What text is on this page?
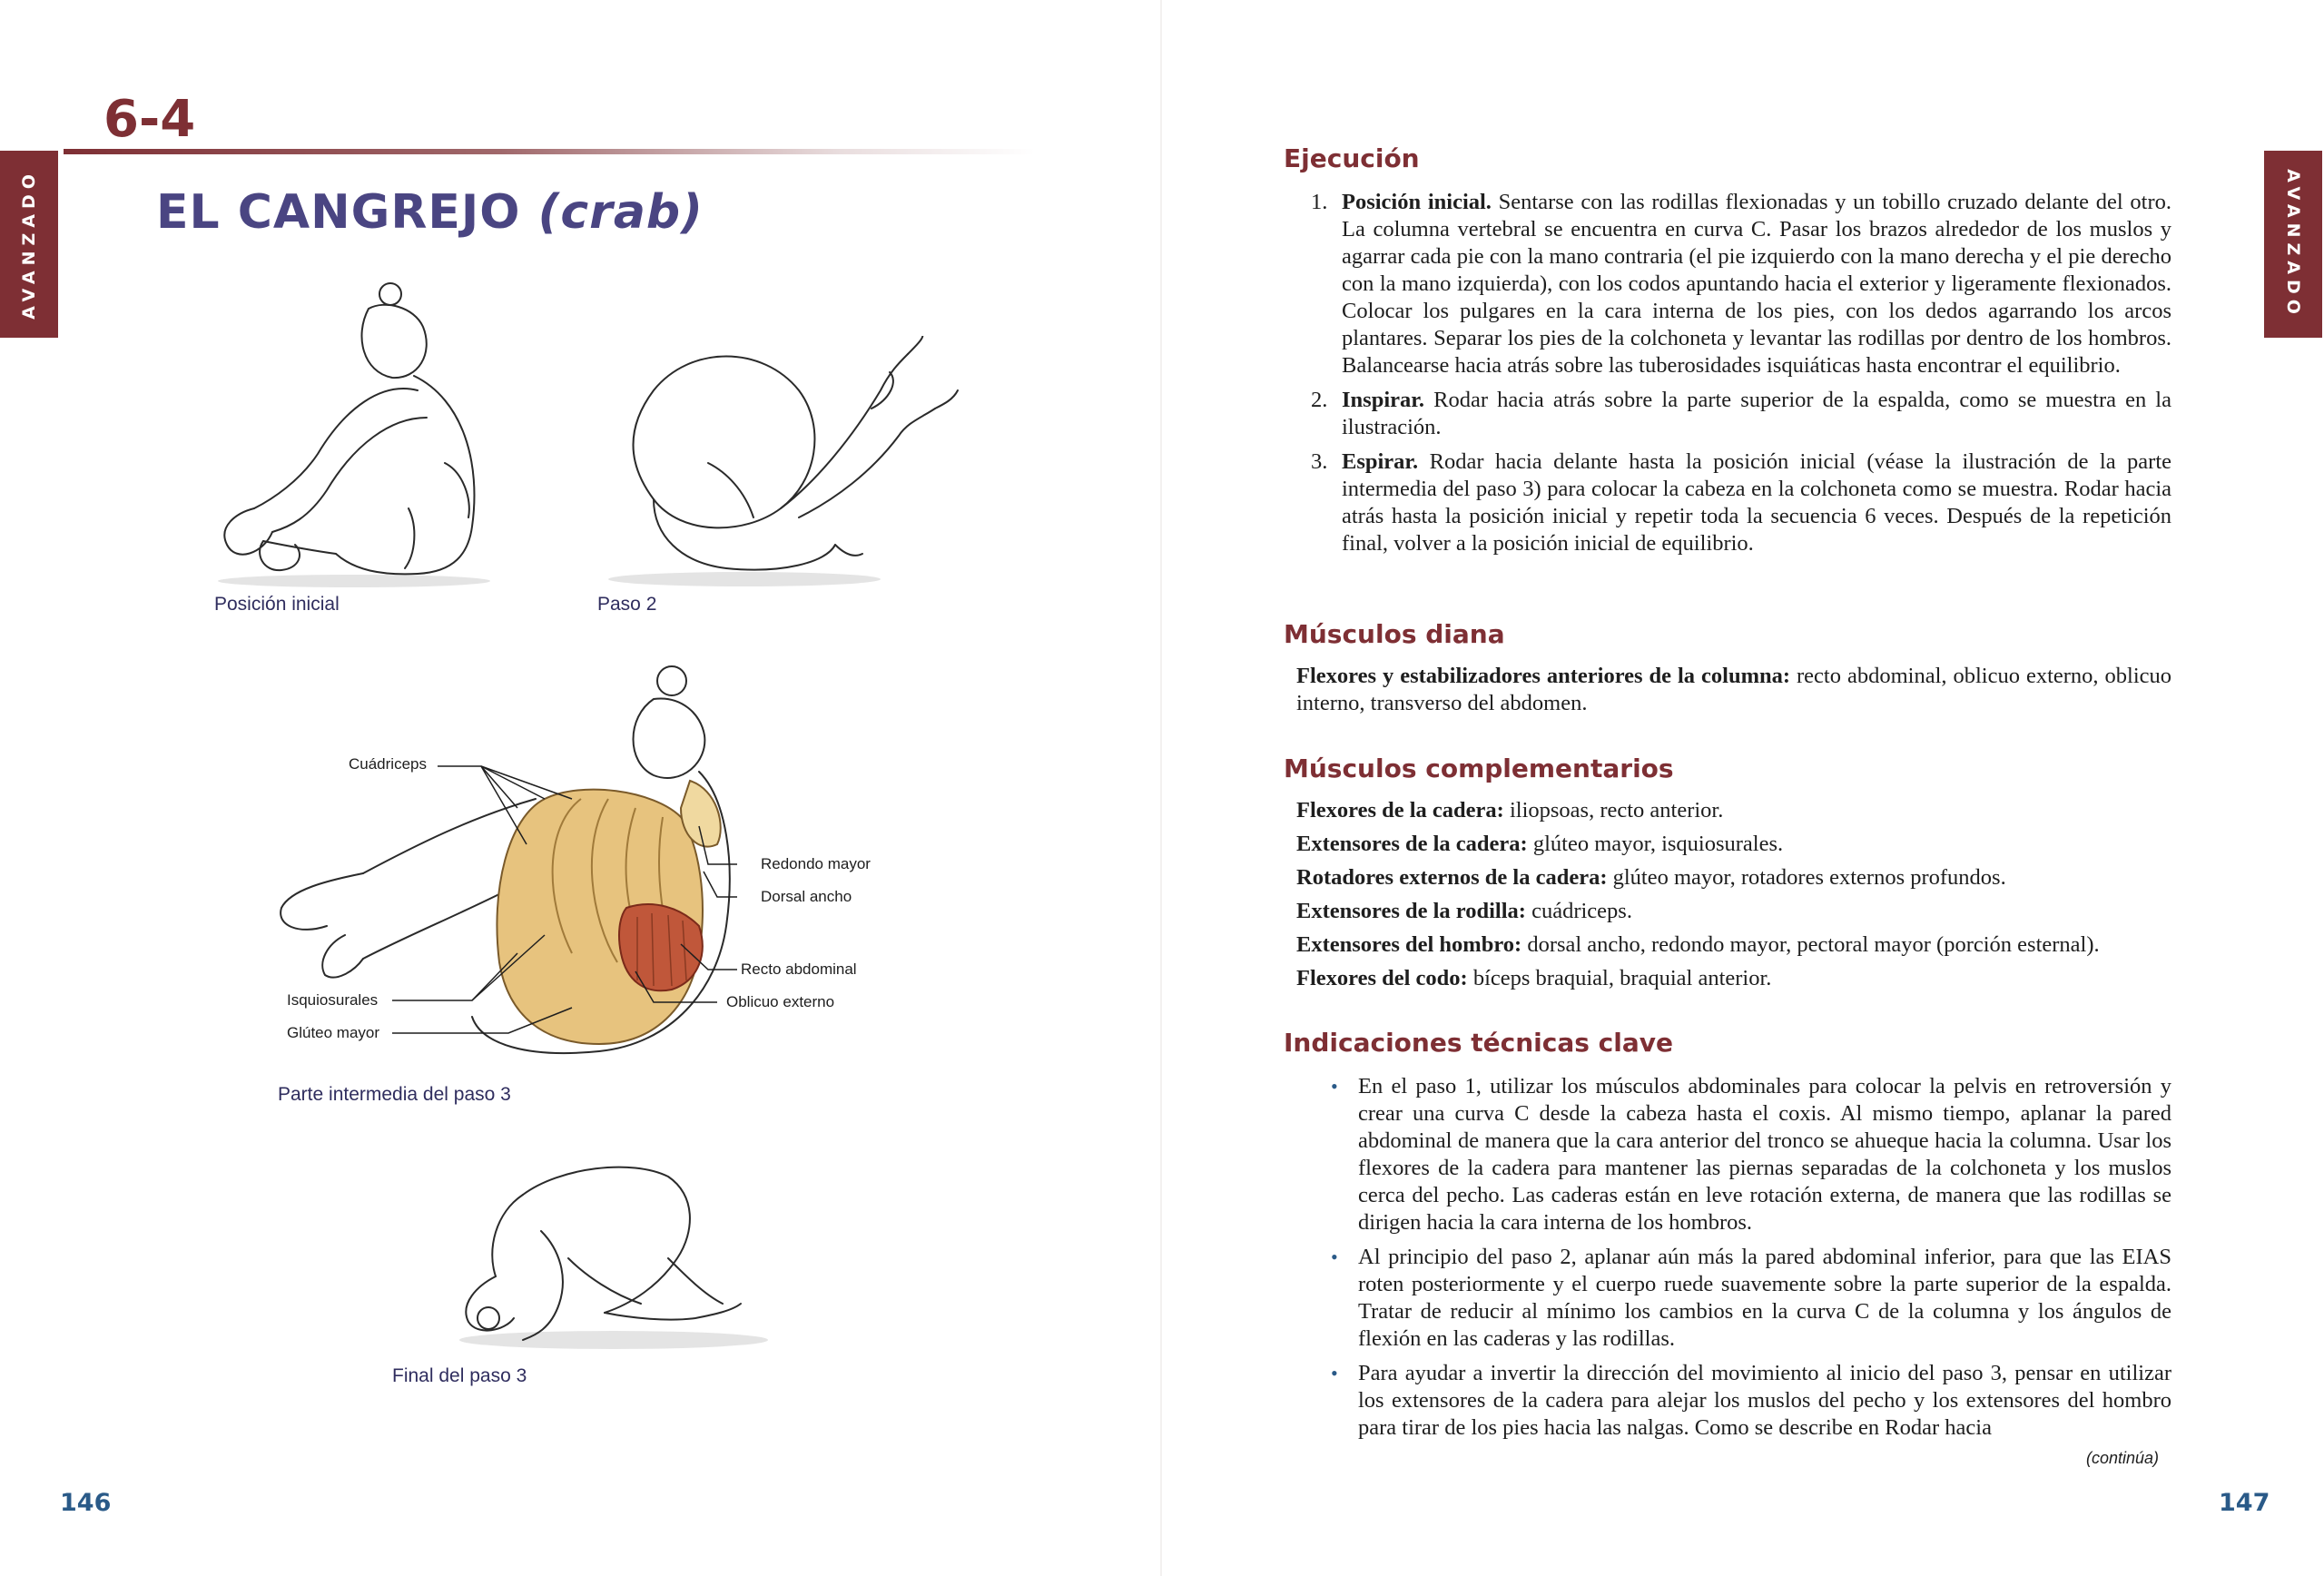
AVANZADO
6-4
EL CANGREJO (crab)
Posición inicial	Paso 2
Cuádriceps
Redondo mayor
Dorsal ancho
Recto abdominal
Oblicuo externo
Isquiosurales
Glúteo mayor
Parte intermedia del paso 3
Final del paso 3
146
AVANZADO
Ejecución
1. Posición inicial. Sentarse con las rodillas flexionadas y un tobillo cruzado delante del otro. La columna vertebral se encuentra en curva C. Pasar los brazos alrededor de los muslos y agarrar cada pie con la mano contraria (el pie izquierdo con la mano derecha y el pie derecho con la mano izquierda), con los codos apuntando hacia el exterior y ligeramente flexionados. Colocar los pulgares en la cara interna de los pies, con los dedos agarrando los arcos plantares. Separar los pies de la colchoneta y levantar las rodillas por dentro de los hombros. Balancearse hacia atrás sobre las tuberosidades isquiáticas hasta encontrar el equilibrio.
2. Inspirar. Rodar hacia atrás sobre la parte superior de la espalda, como se muestra en la ilustración.
3. Espirar. Rodar hacia delante hasta la posición inicial (véase la ilustración de la parte intermedia del paso 3) para colocar la cabeza en la colchoneta como se muestra. Rodar hacia atrás hasta la posición inicial y repetir toda la secuencia 6 veces. Después de la repetición final, volver a la posición inicial de equilibrio.
Músculos diana
Flexores y estabilizadores anteriores de la columna: recto abdominal, oblicuo externo, oblicuo interno, transverso del abdomen.
Músculos complementarios

Flexores de la cadera: iliopsoas, recto anterior.

Extensores de la cadera: glúteo mayor, isquiosurales.

Rotadores externos de la cadera: glúteo mayor, rotadores externos profundos.

Extensores de la rodilla: cuádriceps.

Extensores del hombro: dorsal ancho, redondo mayor, pectoral mayor (porción esternal).

Flexores del codo: bíceps braquial, braquial anterior.

Indicaciones técnicas clave
• En el paso 1, utilizar los músculos abdominales para colocar la pelvis en retroversión y crear una curva C desde la cabeza hasta el coxis. Al mismo tiempo, aplanar la pared abdominal de manera que la cara anterior del tronco se ahueque hacia la columna. Usar los flexores de la cadera para mantener las piernas separadas de la colchoneta y los muslos cerca del pecho. Las caderas están en leve rotación externa, de manera que las rodillas se dirigen hacia la cara interna de los hombros.
• Al principio del paso 2, aplanar aún más la pared abdominal inferior, para que las EIAS roten posteriormente y el cuerpo ruede suavemente sobre la parte superior de la espalda. Tratar de reducir al mínimo los cambios en la curva C de la columna y los ángulos de flexión en las caderas y las rodillas.
• Para ayudar a invertir la dirección del movimiento al inicio del paso 3, pensar en utilizar los extensores de la cadera para alejar los muslos del pecho y los extensores del hombro para tirar de los pies hacia las nalgas. Como se describe en Rodar hacia
(continúa)
147
